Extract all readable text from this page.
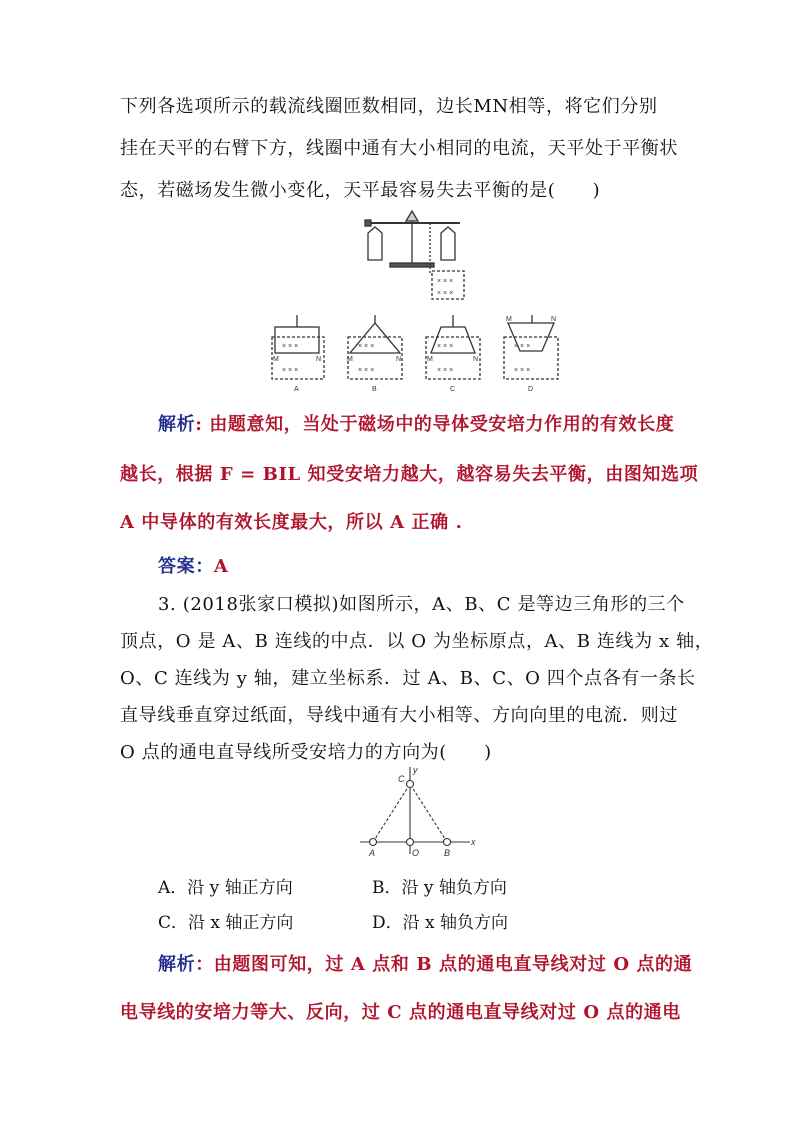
下列各选项所示的载流线圈匝数相同，边长MN相等，将它们分别
挂在天平的右臂下方，线圈中通有大小相同的电流，天平处于平衡状
态，若磁场发生微小变化，天平最容易失去平衡的是(　　)
× × ×
× × ×
× × ×
× × ×
× × ×
× × ×
× × ×
× × ×
× × ×
× × ×
M	N	M	N	M	N
M	N
A	B	C	D
解析: 由题意知，当处于磁场中的导体受安培力作用的有效长度
越长，根据 F = BIL 知受安培力越大，越容易失去平衡，由图知选项
A 中导体的有效长度最大，所以 A 正确 .
答案：A
3. (2018张家口模拟)如图所示，A、B、C 是等边三角形的三个
顶点，O 是 A、B 连线的中点．以 O 为坐标原点，A、B 连线为 x 轴，
O、C 连线为 y 轴，建立坐标系．过 A、B、C、O 四个点各有一条长
直导线垂直穿过纸面，导线中通有大小相等、方向向里的电流．则过
O 点的通电直导线所受安培力的方向为(　　)
C
y
A	O	B
x
A．沿 y 轴正方向	B．沿 y 轴负方向
C．沿 x 轴正方向	D．沿 x 轴负方向
解析：由题图可知，过 A 点和 B 点的通电直导线对过 O 点的通
电导线的安培力等大、反向，过 C 点的通电直导线对过 O 点的通电
